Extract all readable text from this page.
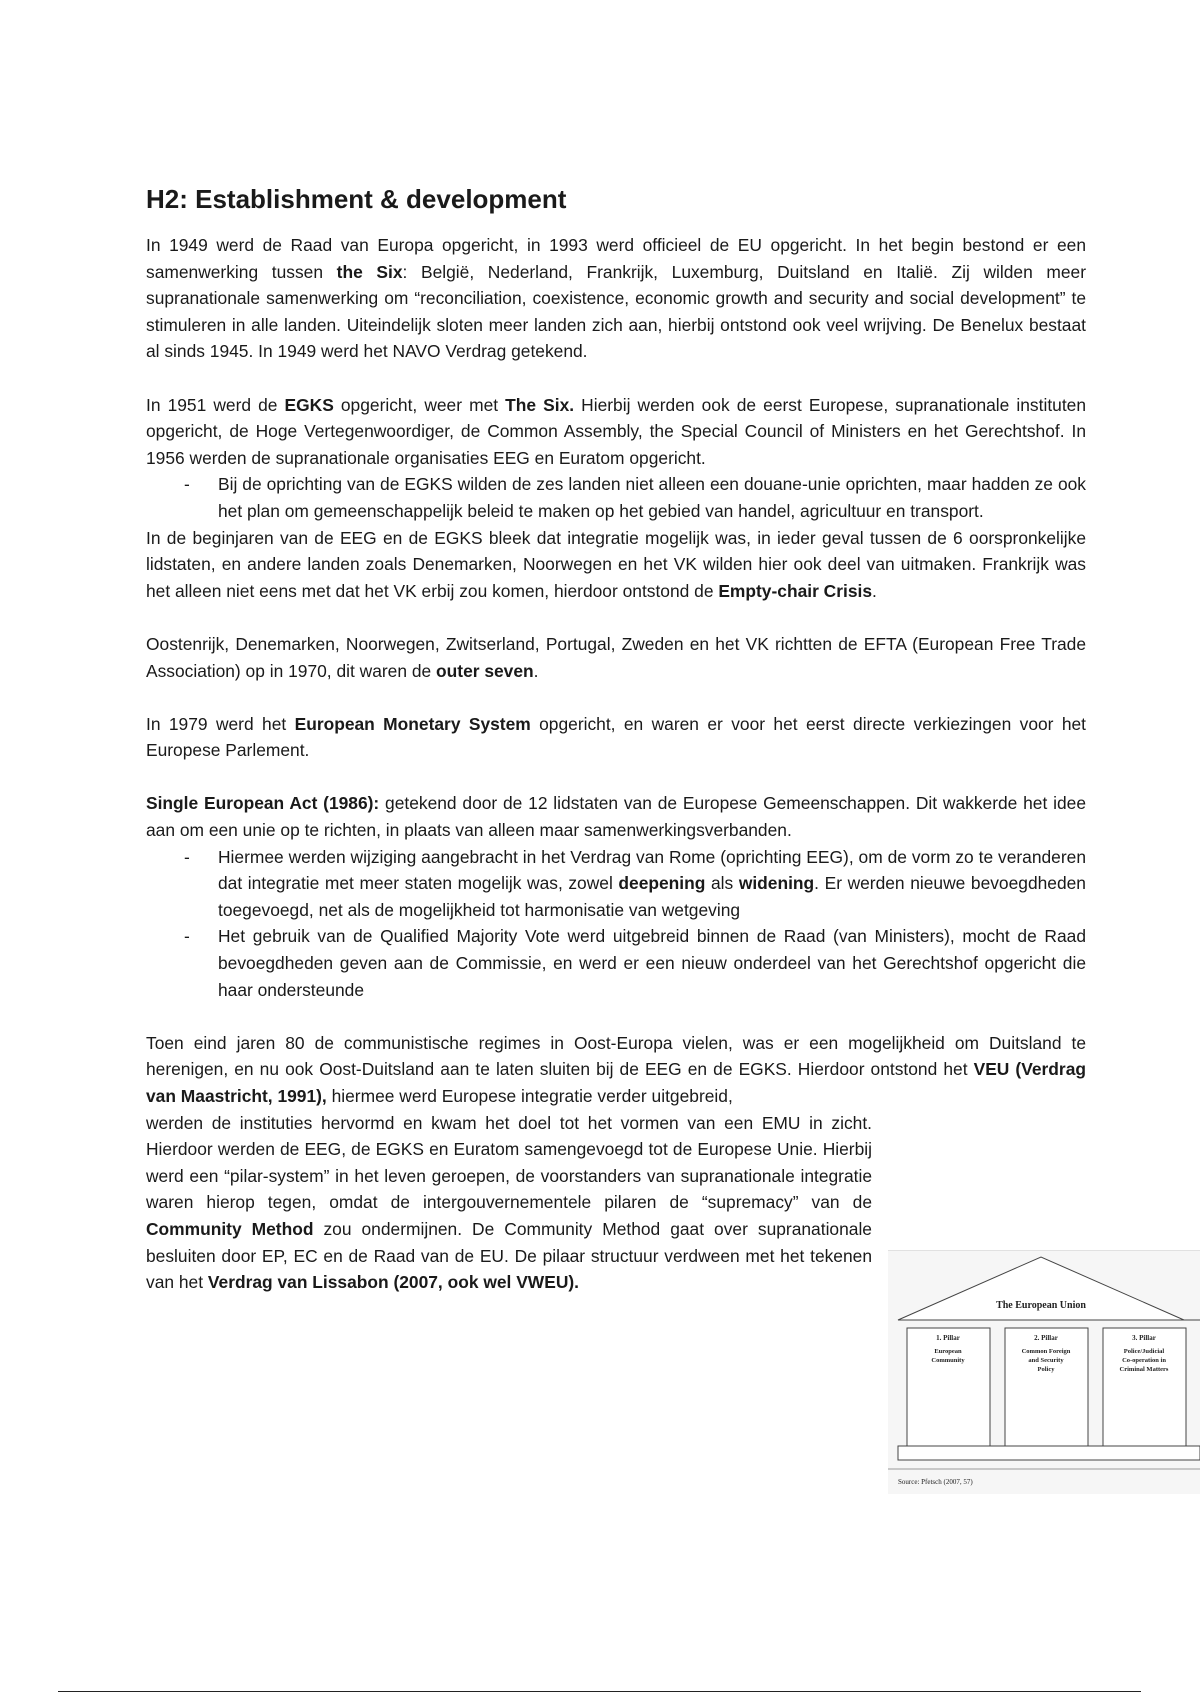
H2: Establishment & development

In 1949 werd de Raad van Europa opgericht, in 1993 werd officieel de EU opgericht. In het begin bestond er een samenwerking tussen the Six: België, Nederland, Frankrijk, Luxemburg, Duitsland en Italië. Zij wilden meer supranationale samenwerking om “reconciliation, coexistence, economic growth and security and social development” te stimuleren in alle landen. Uiteindelijk sloten meer landen zich aan, hierbij ontstond ook veel wrijving. De Benelux bestaat al sinds 1945. In 1949 werd het NAVO Verdrag getekend.

In 1951 werd de EGKS opgericht, weer met The Six. Hierbij werden ook de eerst Europese, supranationale instituten opgericht, de Hoge Vertegenwoordiger, de Common Assembly, the Special Council of Ministers en het Gerechtshof. In 1956 werden de supranationale organisaties EEG en Euratom opgericht.

- Bij de oprichting van de EGKS wilden de zes landen niet alleen een douane-unie oprichten, maar hadden ze ook het plan om gemeenschappelijk beleid te maken op het gebied van handel, agricultuur en transport.

In de beginjaren van de EEG en de EGKS bleek dat integratie mogelijk was, in ieder geval tussen de 6 oorspronkelijke lidstaten, en andere landen zoals Denemarken, Noorwegen en het VK wilden hier ook deel van uitmaken. Frankrijk was het alleen niet eens met dat het VK erbij zou komen, hierdoor ontstond de Empty-chair Crisis.

Oostenrijk, Denemarken, Noorwegen, Zwitserland, Portugal, Zweden en het VK richtten de EFTA (European Free Trade Association) op in 1970, dit waren de outer seven.

In 1979 werd het European Monetary System opgericht, en waren er voor het eerst directe verkiezingen voor het Europese Parlement.

Single European Act (1986): getekend door de 12 lidstaten van de Europese Gemeenschappen. Dit wakkerde het idee aan om een unie op te richten, in plaats van alleen maar samenwerkingsverbanden.

- Hiermee werden wijziging aangebracht in het Verdrag van Rome (oprichting EEG), om de vorm zo te veranderen dat integratie met meer staten mogelijk was, zowel deepening als widening. Er werden nieuwe bevoegdheden toegevoegd, net als de mogelijkheid tot harmonisatie van wetgeving
- Het gebruik van de Qualified Majority Vote werd uitgebreid binnen de Raad (van Ministers), mocht de Raad bevoegdheden geven aan de Commissie, en werd er een nieuw onderdeel van het Gerechtshof opgericht die haar ondersteunde

Toen eind jaren 80 de communistische regimes in Oost-Europa vielen, was er een mogelijkheid om Duitsland te herenigen, en nu ook Oost-Duitsland aan te laten sluiten bij de EEG en de EGKS. Hierdoor ontstond het VEU (Verdrag van Maastricht, 1991), hiermee werd Europese integratie verder uitgebreid,

werden de instituties hervormd en kwam het doel tot het vormen van een EMU in zicht. Hierdoor werden de EEG, de EGKS en Euratom samengevoegd tot de Europese Unie. Hierbij werd een “pilar-system” in het leven geroepen, de voorstanders van supranationale integratie waren hierop tegen, omdat de intergouvernementele pilaren de “supremacy” van de Community Method zou ondermijnen. De Community Method gaat over supranationale besluiten door EP, EC en de Raad van de EU. De pilaar structuur verdween met het tekenen van het Verdrag van Lissabon (2007, ook wel VWEU).

The European Union
1. Pillar
European
Community
2. Pillar
Common Foreign
and Security
Policy
3. Pillar
Police/Judicial
Co-operation in
Criminal Matters
Source: Pfetsch (2007, 57)
